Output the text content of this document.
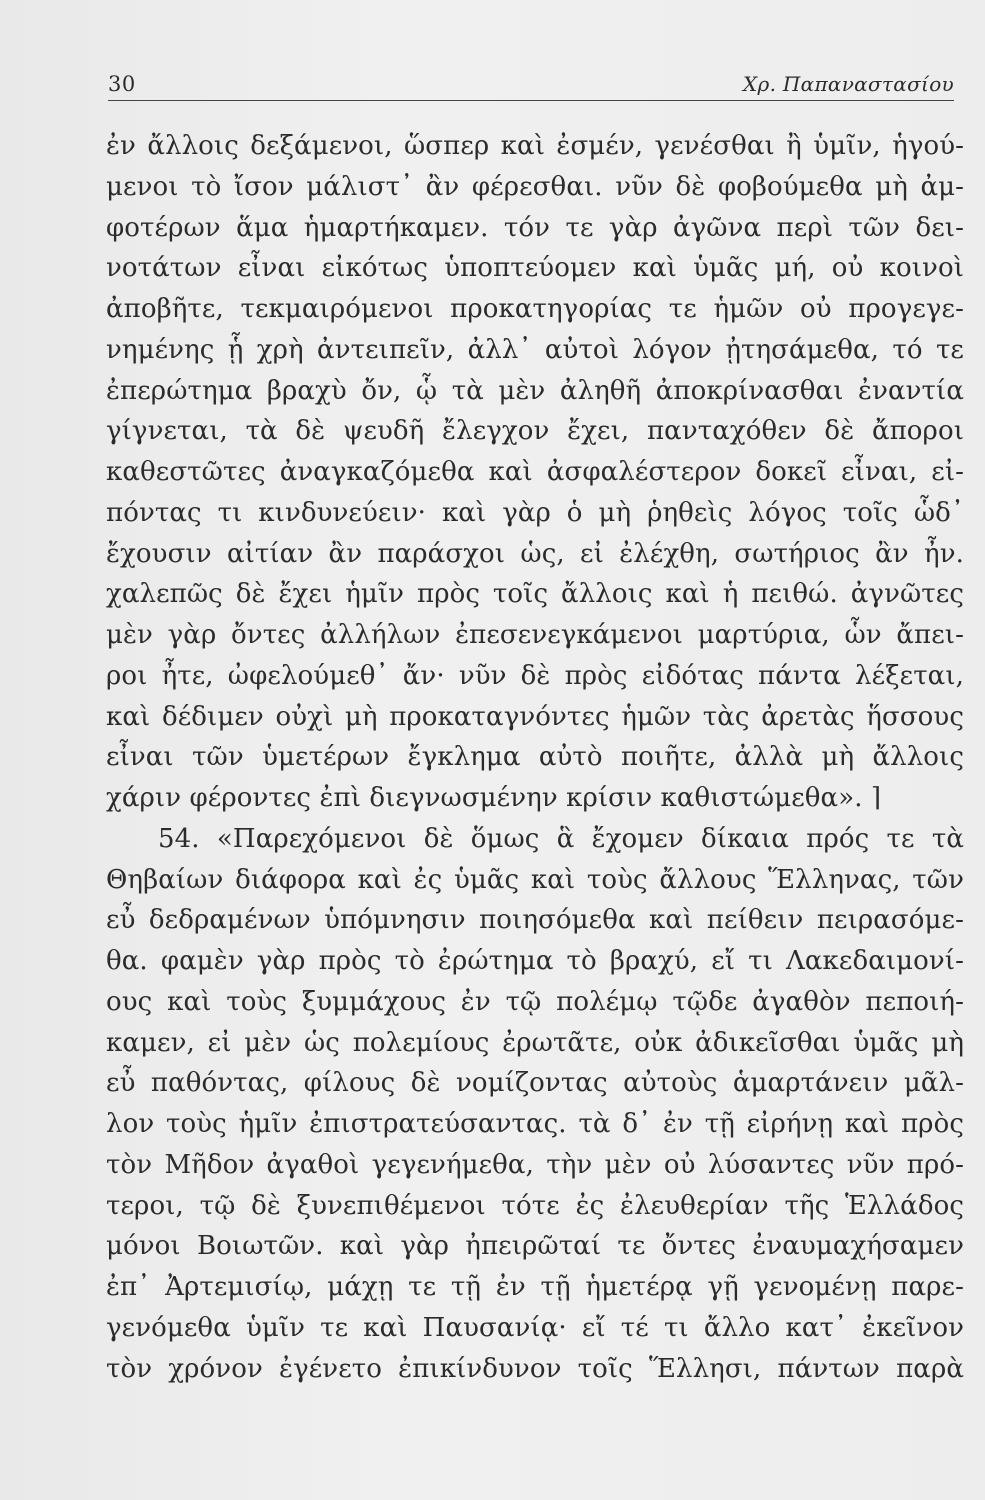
30	Χρ. Παπαναστασίου
ἐν ἄλλοις δεξάμενοι, ὥσπερ καὶ ἐσμέν, γενέσθαι ἢ ὑμῖν, ἡγού-
μενοι τὸ ἴσον μάλιστ᾽ ἂν φέρεσθαι. νῦν δὲ φοβούμεθα μὴ ἀμ-
φοτέρων ἅμα ἡμαρτήκαμεν. τόν τε γὰρ ἀγῶνα περὶ τῶν δει-
νοτάτων εἶναι εἰκότως ὑποπτεύομεν καὶ ὑμᾶς μή, οὐ κοινοὶ
ἀποβῆτε, τεκμαιρόμενοι προκατηγορίας τε ἡμῶν οὐ προγεγε-
νημένης ᾗ χρὴ ἀντειπεῖν, ἀλλ᾽ αὐτοὶ λόγον ᾐτησάμεθα, τό τε
ἐπερώτημα βραχὺ ὄν, ᾧ τὰ μὲν ἀληθῆ ἀποκρίνασθαι ἐναντία
γίγνεται, τὰ δὲ ψευδῆ ἔλεγχον ἔχει, πανταχόθεν δὲ ἄποροι
καθεστῶτες ἀναγκαζόμεθα καὶ ἀσφαλέστερον δοκεῖ εἶναι, εἰ-
πόντας τι κινδυνεύειν· καὶ γὰρ ὁ μὴ ῥηθεὶς λόγος τοῖς ὧδ᾽
ἔχουσιν αἰτίαν ἂν παράσχοι ὡς, εἰ ἐλέχθη, σωτήριος ἂν ἦν.
χαλεπῶς δὲ ἔχει ἡμῖν πρὸς τοῖς ἄλλοις καὶ ἡ πειθώ. ἀγνῶτες
μὲν γὰρ ὄντες ἀλλήλων ἐπεσενεγκάμενοι μαρτύρια, ὧν ἄπει-
ροι ἦτε, ὠφελούμεθ᾽ ἄν· νῦν δὲ πρὸς εἰδότας πάντα λέξεται,
καὶ δέδιμεν οὐχὶ μὴ προκαταγνόντες ἡμῶν τὰς ἀρετὰς ἥσσους
εἶναι τῶν ὑμετέρων ἔγκλημα αὐτὸ ποιῆτε, ἀλλὰ μὴ ἄλλοις
χάριν φέροντες ἐπὶ διεγνωσμένην κρίσιν καθιστώμεθα». ⌉
54. «Παρεχόμενοι δὲ ὅμως ἃ ἔχομεν δίκαια πρός τε τὰ
Θηβαίων διάφορα καὶ ἐς ὑμᾶς καὶ τοὺς ἄλλους Ἕλληνας, τῶν
εὖ δεδραμένων ὑπόμνησιν ποιησόμεθα καὶ πείθειν πειρασόμε-
θα. φαμὲν γὰρ πρὸς τὸ ἐρώτημα τὸ βραχύ, εἴ τι Λακεδαιμονί-
ους καὶ τοὺς ξυμμάχους ἐν τῷ πολέμῳ τῷδε ἀγαθὸν πεποιή-
καμεν, εἰ μὲν ὡς πολεμίους ἐρωτᾶτε, οὐκ ἀδικεῖσθαι ὑμᾶς μὴ
εὖ παθόντας, φίλους δὲ νομίζοντας αὐτοὺς ἁμαρτάνειν μᾶλ-
λον τοὺς ἡμῖν ἐπιστρατεύσαντας. τὰ δ᾽ ἐν τῇ εἰρήνῃ καὶ πρὸς
τὸν Μῆδον ἀγαθοὶ γεγενήμεθα, τὴν μὲν οὐ λύσαντες νῦν πρό-
τεροι, τῷ δὲ ξυνεπιθέμενοι τότε ἐς ἐλευθερίαν τῆς Ἑλλάδος
μόνοι Βοιωτῶν. καὶ γὰρ ἠπειρῶταί τε ὄντες ἐναυμαχήσαμεν
ἐπ᾽ Ἀρτεμισίῳ, μάχῃ τε τῇ ἐν τῇ ἡμετέρᾳ γῇ γενομένῃ παρε-
γενόμεθα ὑμῖν τε καὶ Παυσανίᾳ· εἴ τέ τι ἄλλο κατ᾽ ἐκεῖνον
τὸν χρόνον ἐγένετο ἐπικίνδυνον τοῖς Ἕλλησι, πάντων παρὰ
